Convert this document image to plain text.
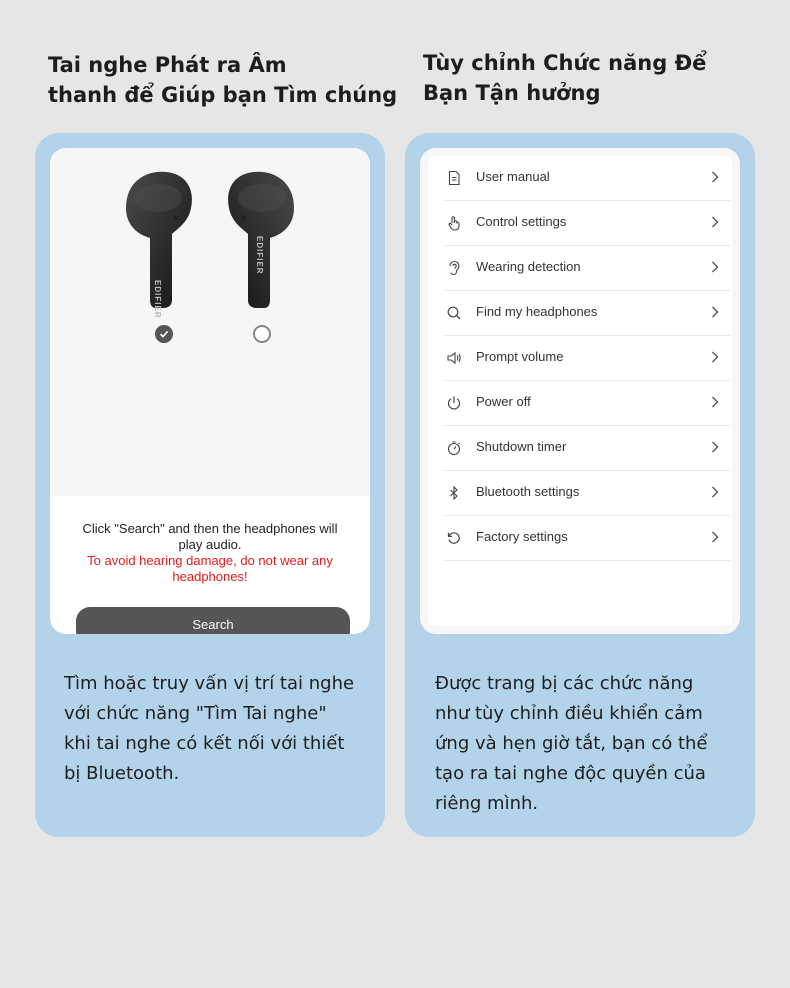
Tai nghe Phát ra Âm
thanh để Giúp bạn Tìm chúng
Tùy chỉnh Chức năng Để
Bạn Tận hưởng
EDIFIER
EDIFIER
Click "Search" and then the headphones will play audio.
To avoid hearing damage, do not wear any headphones!
Search

Tìm hoặc truy vấn vị trí tai nghe
với chức năng "Tìm Tai nghe"
khi tai nghe có kết nối với thiết
bị Bluetooth.

User manual
Control settings
Wearing detection
Find my headphones
Prompt volume
Power off
Shutdown timer
Bluetooth settings
Factory settings

Được trang bị các chức năng
như tùy chỉnh điều khiển cảm
ứng và hẹn giờ tắt, bạn có thể
tạo ra tai nghe độc quyền của
riêng mình.
